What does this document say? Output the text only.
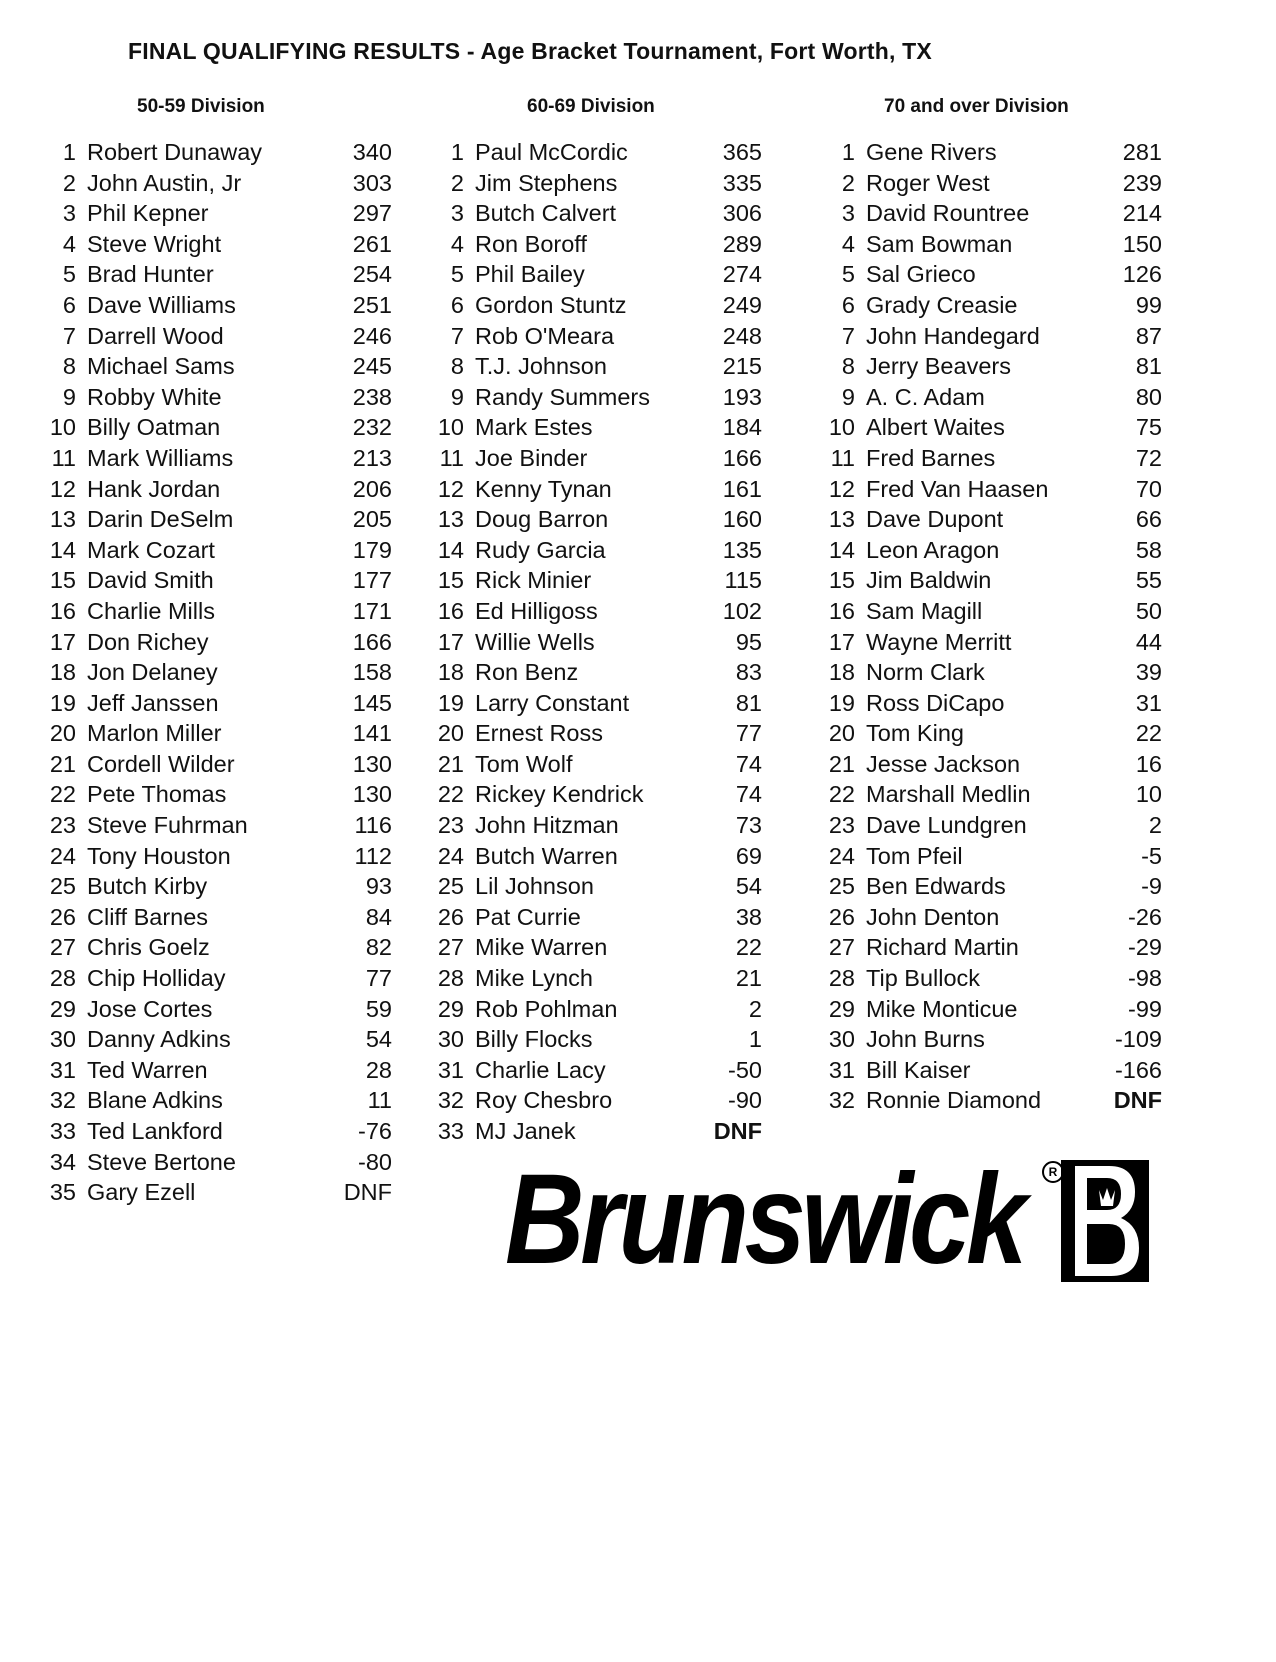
FINAL QUALIFYING RESULTS - Age Bracket Tournament, Fort Worth, TX
50-59 Division	60-69 Division	70 and over Division
1 Robert Dunaway	340
2 John Austin, Jr	303
3 Phil Kepner	297
4 Steve Wright	261
5 Brad Hunter	254
6 Dave Williams	251
7 Darrell Wood	246
8 Michael Sams	245
9 Robby White	238
10 Billy Oatman	232
11 Mark Williams	213
12 Hank Jordan	206
13 Darin DeSelm	205
14 Mark Cozart	179
15 David Smith	177
16 Charlie Mills	171
17 Don Richey	166
18 Jon Delaney	158
19 Jeff Janssen	145
20 Marlon Miller	141
21 Cordell Wilder	130
22 Pete Thomas	130
23 Steve Fuhrman	116
24 Tony Houston	112
25 Butch Kirby	93
26 Cliff Barnes	84
27 Chris Goelz	82
28 Chip Holliday	77
29 Jose Cortes	59
30 Danny Adkins	54
31 Ted Warren	28
32 Blane Adkins	11
33 Ted Lankford	-76
34 Steve Bertone	-80
35 Gary Ezell	DNF
1 Paul McCordic	365
2 Jim Stephens	335
3 Butch Calvert	306
4 Ron Boroff	289
5 Phil Bailey	274
6 Gordon Stuntz	249
7 Rob O'Meara	248
8 T.J. Johnson	215
9 Randy Summers	193
10 Mark Estes	184
11 Joe Binder	166
12 Kenny Tynan	161
13 Doug Barron	160
14 Rudy Garcia	135
15 Rick Minier	115
16 Ed Hilligoss	102
17 Willie Wells	95
18 Ron Benz	83
19 Larry Constant	81
20 Ernest Ross	77
21 Tom Wolf	74
22 Rickey Kendrick	74
23 John Hitzman	73
24 Butch Warren	69
25 Lil Johnson	54
26 Pat Currie	38
27 Mike Warren	22
28 Mike Lynch	21
29 Rob Pohlman	2
30 Billy Flocks	1
31 Charlie Lacy	-50
32 Roy Chesbro	-90
33 MJ Janek	DNF
1 Gene Rivers	281
2 Roger West	239
3 David Rountree	214
4 Sam Bowman	150
5 Sal Grieco	126
6 Grady Creasie	99
7 John Handegard	87
8 Jerry Beavers	81
9 A. C. Adam	80
10 Albert Waites	75
11 Fred Barnes	72
12 Fred Van Haasen	70
13 Dave Dupont	66
14 Leon Aragon	58
15 Jim Baldwin	55
16 Sam Magill	50
17 Wayne Merritt	44
18 Norm Clark	39
19 Ross DiCapo	31
20 Tom King	22
21 Jesse Jackson	16
22 Marshall Medlin	10
23 Dave Lundgren	2
24 Tom Pfeil	-5
25 Ben Edwards	-9
26 John Denton	-26
27 Richard Martin	-29
28 Tip Bullock	-98
29 Mike Monticue	-99
30 John Burns	-109
31 Bill Kaiser	-166
32 Ronnie Diamond	DNF
Brunswick	R
